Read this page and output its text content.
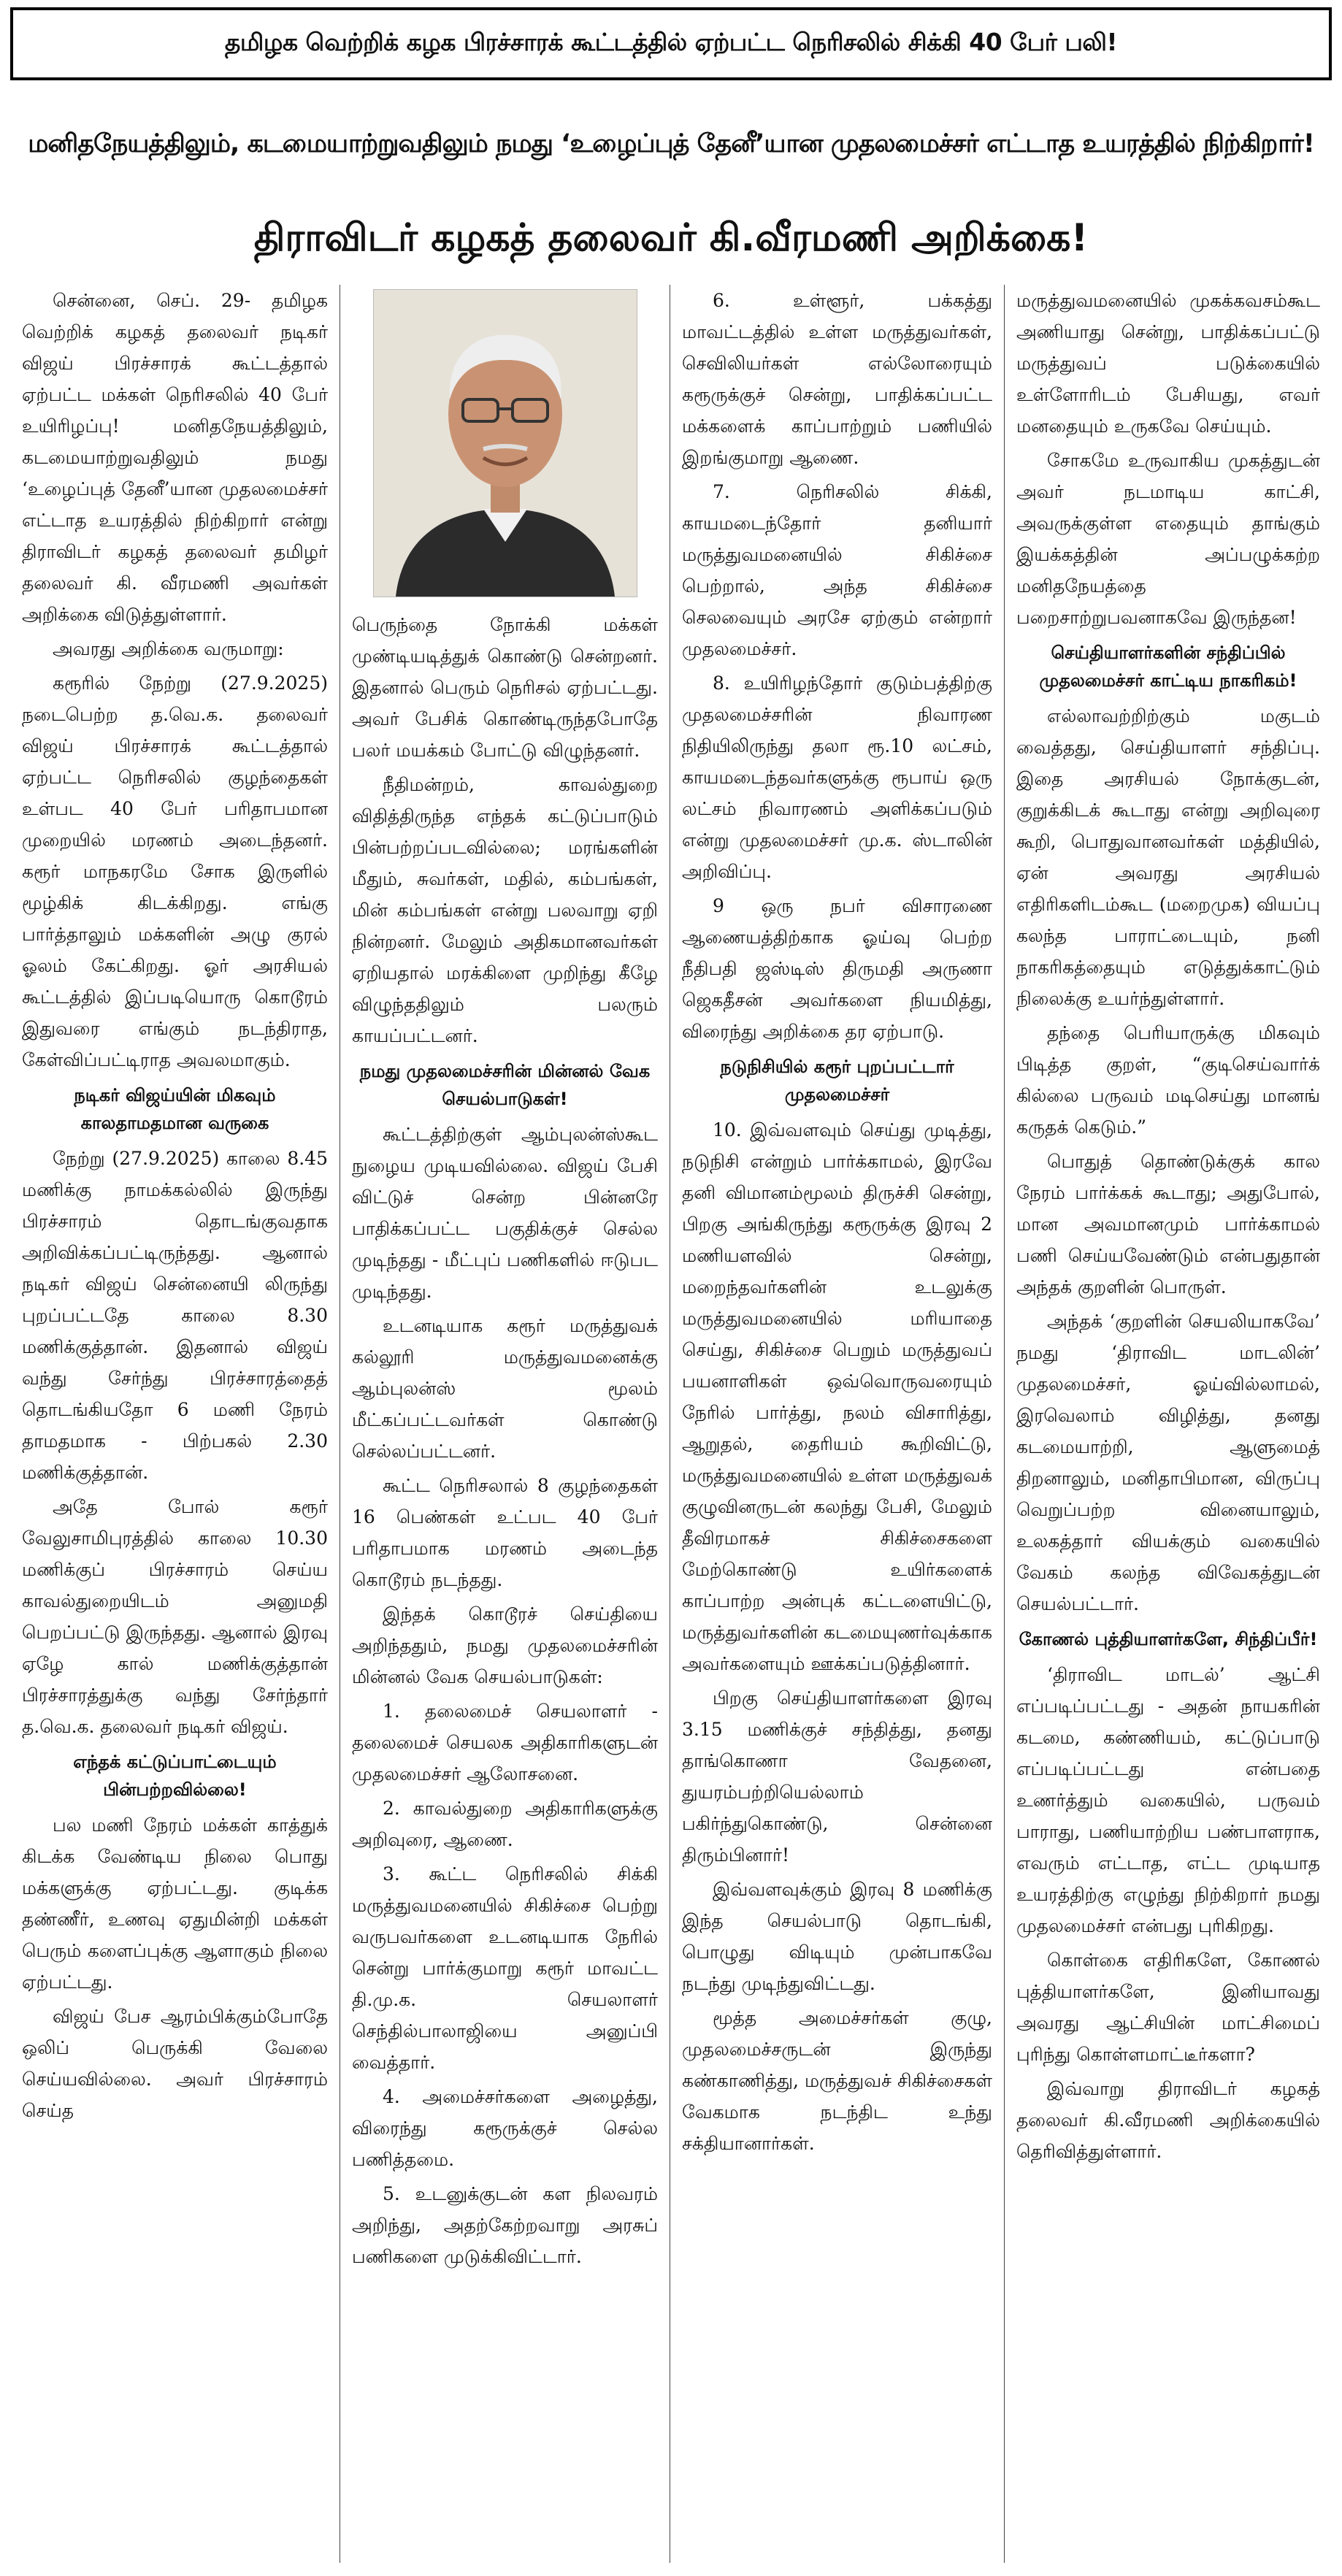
தமிழக வெற்றிக் கழக பிரச்சாரக் கூட்டத்தில் ஏற்பட்ட நெரிசலில் சிக்கி 40 பேர் பலி!
மனிதநேயத்திலும், கடமையாற்றுவதிலும் நமது ‘உழைப்புத் தேனீ’யான முதலமைச்சர் எட்டாத உயரத்தில் நிற்கிறார்!
திராவிடர் கழகத் தலைவர் கி.வீரமணி அறிக்கை!

சென்னை, செப். 29- தமிழக வெற்றிக் கழகத் தலைவர் நடிகர் விஜய் பிரச்சாரக் கூட்டத்தால் ஏற்பட்ட மக்கள் நெரிசலில் 40 பேர் உயிரிழப்பு! மனிதநேயத்திலும், கடமையாற்றுவதிலும் நமது ‘உழைப்புத் தேனீ’யான முதலமைச்சர் எட்டாத உயரத்தில் நிற்கிறார் என்று திராவிடர் கழகத் தலைவர் தமிழர் தலைவர் கி. வீரமணி அவர்கள் அறிக்கை விடுத்துள்ளார்.

அவரது அறிக்கை வருமாறு:

கரூரில் நேற்று (27.9.2025) நடைபெற்ற த.வெ.க. தலைவர் விஜய் பிரச்சாரக் கூட்டத்தால் ஏற்பட்ட நெரிசலில் குழந்தைகள் உள்பட 40 பேர் பரிதாபமான முறையில் மரணம் அடைந்தனர். கரூர் மாநகரமே சோக இருளில் மூழ்கிக் கிடக்கிறது. எங்கு பார்த்தாலும் மக்களின் அழு குரல் ஓலம் கேட்கிறது. ஓர் அரசியல் கூட்டத்தில் இப்படியொரு கொடூரம் இதுவரை எங்கும் நடந்திராத, கேள்விப்பட்டிராத அவலமாகும்.

நடிகர் விஜய்யின் மிகவும் காலதாமதமான வருகை

நேற்று (27.9.2025) காலை 8.45 மணிக்கு நாமக்கல்லில் இருந்து பிரச்சாரம் தொடங்குவதாக அறிவிக்கப்பட்டிருந்தது. ஆனால் நடிகர் விஜய் சென்னையி லிருந்து புறப்பட்டதே காலை 8.30 மணிக்குத்தான். இதனால் விஜய் வந்து சேர்ந்து பிரச்சாரத்தைத் தொடங்கியதோ 6 மணி நேரம் தாமதமாக - பிற்பகல் 2.30 மணிக்குத்தான்.

அதே போல் கரூர் வேலுசாமிபுரத்தில் காலை 10.30 மணிக்குப் பிரச்சாரம் செய்ய காவல்துறையிடம் அனுமதி பெறப்பட்டு இருந்தது. ஆனால் இரவு ஏழே கால் மணிக்குத்தான் பிரச்சாரத்துக்கு வந்து சேர்ந்தார் த.வெ.க. தலைவர் நடிகர் விஜய்.

எந்தக் கட்டுப்பாட்டையும் பின்பற்றவில்லை!

பல மணி நேரம் மக்கள் காத்துக் கிடக்க வேண்டிய நிலை பொது மக்களுக்கு ஏற்பட்டது. குடிக்க தண்ணீர், உணவு ஏதுமின்றி மக்கள் பெரும் களைப்புக்கு ஆளாகும் நிலை ஏற்பட்டது.

விஜய் பேச ஆரம்பிக்கும்போதே ஒலிப் பெருக்கி வேலை செய்யவில்லை. அவர் பிரச்சாரம் செய்த

பெருந்தை நோக்கி மக்கள் முண்டியடித்துக் கொண்டு சென்றனர். இதனால் பெரும் நெரிசல் ஏற்பட்டது. அவர் பேசிக் கொண்டிருந்தபோதே பலர் மயக்கம் போட்டு விழுந்தனர்.

நீதிமன்றம், காவல்துறை விதித்திருந்த எந்தக் கட்டுப்பாடும் பின்பற்றப்படவில்லை; மரங்களின் மீதும், சுவர்கள், மதில், கம்பங்கள், மின் கம்பங்கள் என்று பலவாறு ஏறி நின்றனர். மேலும் அதிகமானவர்கள் ஏறியதால் மரக்கிளை முறிந்து கீழே விழுந்ததிலும் பலரும் காயப்பட்டனர்.

நமது முதலமைச்சரின் மின்னல் வேக செயல்பாடுகள்!

கூட்டத்திற்குள் ஆம்புலன்ஸ்கூட நுழைய முடியவில்லை. விஜய் பேசி விட்டுச் சென்ற பின்னரே பாதிக்கப்பட்ட பகுதிக்குச் செல்ல முடிந்தது - மீட்புப் பணிகளில் ஈடுபட முடிந்தது.

உடனடியாக கரூர் மருத்துவக் கல்லூரி மருத்துவமனைக்கு ஆம்புலன்ஸ் மூலம் மீட்கப்பட்டவர்கள் கொண்டு செல்லப்பட்டனர்.

கூட்ட நெரிசலால் 8 குழந்தைகள் 16 பெண்கள் உட்பட 40 பேர் பரிதாபமாக மரணம் அடைந்த கொடூரம் நடந்தது.

இந்தக் கொடூரச் செய்தியை அறிந்ததும், நமது முதலமைச்சரின் மின்னல் வேக செயல்பாடுகள்:

1. தலைமைச் செயலாளர் - தலைமைச் செயலக அதிகாரிகளுடன் முதலமைச்சர் ஆலோசனை.

2. காவல்துறை அதிகாரிகளுக்கு அறிவுரை, ஆணை.

3. கூட்ட நெரிசலில் சிக்கி மருத்துவமனையில் சிகிச்சை பெற்று வருபவர்களை உடனடியாக நேரில் சென்று பார்க்குமாறு கரூர் மாவட்ட தி.மு.க. செயலாளர் செந்தில்பாலாஜியை அனுப்பி வைத்தார்.

4. அமைச்சர்களை அழைத்து, விரைந்து கரூருக்குச் செல்ல பணித்தமை.

5. உடனுக்குடன் கள நிலவரம் அறிந்து, அதற்கேற்றவாறு அரசுப் பணிகளை முடுக்கிவிட்டார்.

6. உள்ளூர், பக்கத்து மாவட்டத்தில் உள்ள மருத்துவர்கள், செவிலியர்கள் எல்லோரையும் கரூருக்குச் சென்று, பாதிக்கப்பட்ட மக்களைக் காப்பாற்றும் பணியில் இறங்குமாறு ஆணை.

7. நெரிசலில் சிக்கி, காயமடைந்தோர் தனியார் மருத்துவமனையில் சிகிச்சை பெற்றால், அந்த சிகிச்சை செலவையும் அரசே ஏற்கும் என்றார் முதலமைச்சர்.

8. உயிரிழந்தோர் குடும்பத்திற்கு முதலமைச்சரின் நிவாரண நிதியிலிருந்து தலா ரூ.10 லட்சம், காயமடைந்தவர்களுக்கு ரூபாய் ஒரு லட்சம் நிவாரணம் அளிக்கப்படும் என்று முதலமைச்சர் மு.க. ஸ்டாலின் அறிவிப்பு.

9 ஒரு நபர் விசாரணை ஆணையத்திற்காக ஓய்வு பெற்ற நீதிபதி ஜஸ்டிஸ் திருமதி அருணா ஜெகதீசன் அவர்களை நியமித்து, விரைந்து அறிக்கை தர ஏற்பாடு.

நடுநிசியில் கரூர் புறப்பட்டார் முதலமைச்சர்

10. இவ்வளவும் செய்து முடித்து, நடுநிசி என்றும் பார்க்காமல், இரவே தனி விமானம்மூலம் திருச்சி சென்று, பிறகு அங்கிருந்து கரூருக்கு இரவு 2 மணியளவில் சென்று, மறைந்தவர்களின் உடலுக்கு மருத்துவமனையில் மரியாதை செய்து, சிகிச்சை பெறும் மருத்துவப் பயனாளிகள் ஒவ்வொருவரையும் நேரில் பார்த்து, நலம் விசாரித்து, ஆறுதல், தைரியம் கூறிவிட்டு, மருத்துவமனையில் உள்ள மருத்துவக் குழுவினருடன் கலந்து பேசி, மேலும் தீவிரமாகச் சிகிச்சைகளை மேற்கொண்டு உயிர்களைக் காப்பாற்ற அன்புக் கட்டளையிட்டு, மருத்துவர்களின் கடமையுணர்வுக்காக அவர்களையும் ஊக்கப்படுத்தினார்.

பிறகு செய்தியாளர்களை இரவு 3.15 மணிக்குச் சந்தித்து, தனது தாங்கொணா வேதனை, துயரம்பற்றியெல்லாம் பகிர்ந்துகொண்டு, சென்னை திரும்பினார்!

இவ்வளவுக்கும் இரவு 8 மணிக்கு இந்த செயல்பாடு தொடங்கி, பொழுது விடியும் முன்பாகவே நடந்து முடிந்துவிட்டது.

மூத்த அமைச்சர்கள் குழு, முதலமைச்சருடன் இருந்து கண்காணித்து, மருத்துவச் சிகிச்சைகள் வேகமாக நடந்திட உந்து சக்தியானார்கள்.

மருத்துவமனையில் முகக்கவசம்கூட அணியாது சென்று, பாதிக்கப்பட்டு மருத்துவப் படுக்கையில் உள்ளோரிடம் பேசியது, எவர் மனதையும் உருகவே செய்யும்.

சோகமே உருவாகிய முகத்துடன் அவர் நடமாடிய காட்சி, அவருக்குள்ள எதையும் தாங்கும் இயக்கத்தின் அப்பழுக்கற்ற மனிதநேயத்தை பறைசாற்றுபவனாகவே இருந்தன!

செய்தியாளர்களின் சந்திப்பில் முதலமைச்சர் காட்டிய நாகரிகம்!

எல்லாவற்றிற்கும் மகுடம் வைத்தது, செய்தியாளர் சந்திப்பு. இதை அரசியல் நோக்குடன், குறுக்கிடக் கூடாது என்று அறிவுரை கூறி, பொதுவானவர்கள் மத்தியில், ஏன் அவரது அரசியல் எதிரிகளிடம்கூட (மறைமுக) வியப்பு கலந்த பாராட்டையும், நனி நாகரிகத்தையும் எடுத்துக்காட்டும் நிலைக்கு உயர்ந்துள்ளார்.

தந்தை பெரியாருக்கு மிகவும் பிடித்த குறள், “குடிசெய்வார்க் கில்லை பருவம் மடிசெய்து மானங் கருதக் கெடும்.”

பொதுத் தொண்டுக்குக் கால நேரம் பார்க்கக் கூடாது; அதுபோல், மான அவமானமும் பார்க்காமல் பணி செய்யவேண்டும் என்பதுதான் அந்தக் குறளின் பொருள்.

அந்தக் ‘குறளின் செயலியாகவே’ நமது ‘திராவிட மாடலின்’ முதலமைச்சர், ஓய்வில்லாமல், இரவெலாம் விழித்து, தனது கடமையாற்றி, ஆளுமைத் திறனாலும், மனிதாபிமான, விருப்பு வெறுப்பற்ற வினையாலும், உலகத்தார் வியக்கும் வகையில் வேகம் கலந்த விவேகத்துடன் செயல்பட்டார்.

கோணல் புத்தியாளர்களே, சிந்திப்பீர்!

‘திராவிட மாடல்’ ஆட்சி எப்படிப்பட்டது - அதன் நாயகரின் கடமை, கண்ணியம், கட்டுப்பாடு எப்படிப்பட்டது என்பதை உணர்த்தும் வகையில், பருவம் பாராது, பணியாற்றிய பண்பாளராக, எவரும் எட்டாத, எட்ட முடியாத உயரத்திற்கு எழுந்து நிற்கிறார் நமது முதலமைச்சர் என்பது புரிகிறது.

கொள்கை எதிரிகளே, கோணல் புத்தியாளர்களே, இனியாவது அவரது ஆட்சியின் மாட்சிமைப் புரிந்து கொள்ளமாட்டீர்களா?

இவ்வாறு திராவிடர் கழகத் தலைவர் கி.வீரமணி அறிக்கையில் தெரிவித்துள்ளார்.
